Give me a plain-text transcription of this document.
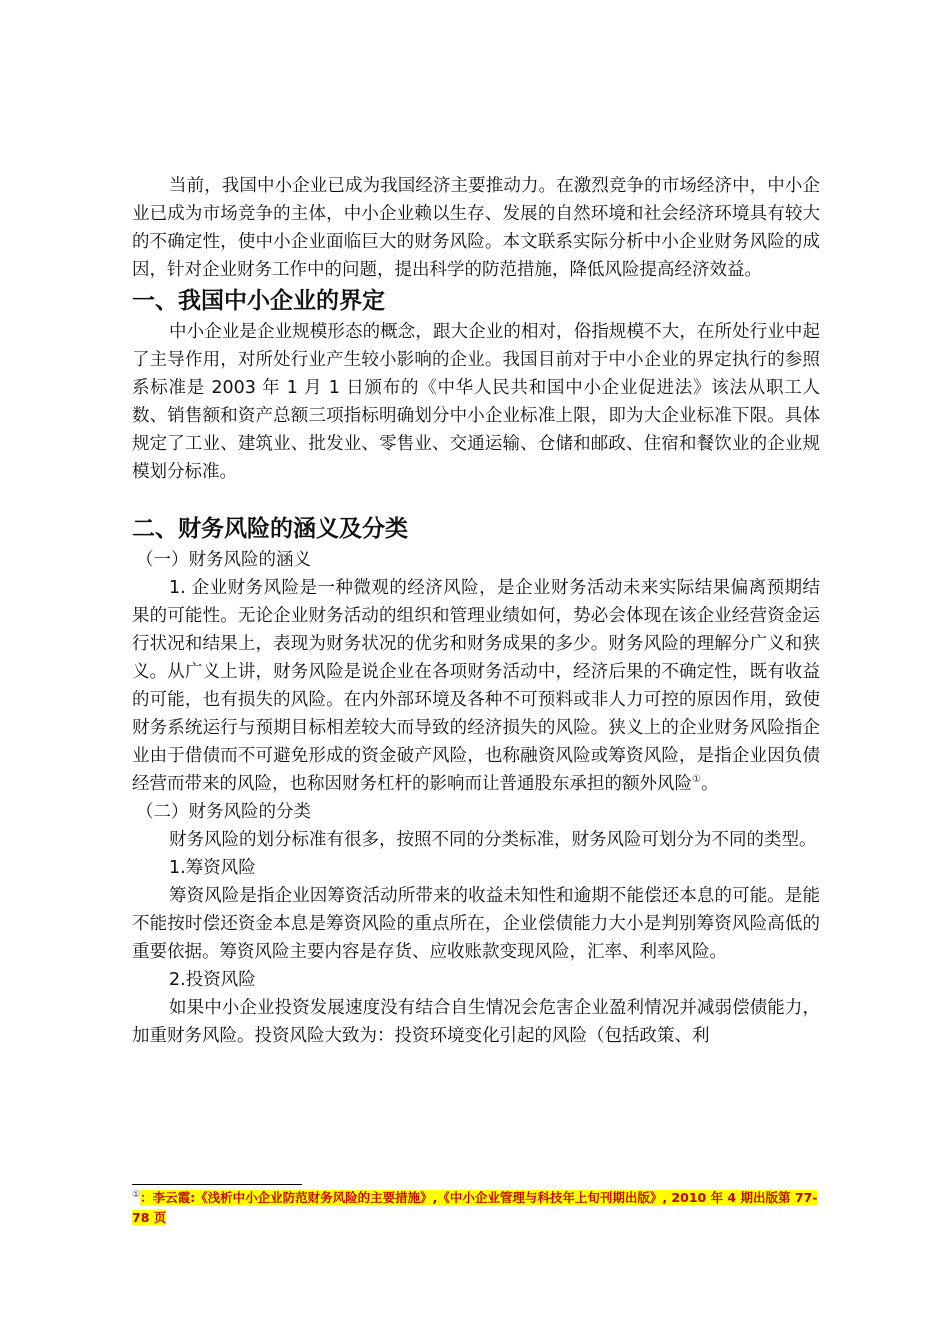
当前，我国中小企业已成为我国经济主要推动力。在激烈竞争的市场经济中，中小企业已成为市场竞争的主体，中小企业赖以生存、发展的自然环境和社会经济环境具有较大的不确定性，使中小企业面临巨大的财务风险。本文联系实际分析中小企业财务风险的成因，针对企业财务工作中的问题，提出科学的防范措施，降低风险提高经济效益。

一、我国中小企业的界定

中小企业是企业规模形态的概念，跟大企业的相对，俗指规模不大，在所处行业中起了主导作用，对所处行业产生较小影响的企业。我国目前对于中小企业的界定执行的参照系标准是 2003 年 1 月 1 日颁布的《中华人民共和国中小企业促进法》该法从职工人数、销售额和资产总额三项指标明确划分中小企业标准上限，即为大企业标准下限。具体规定了工业、建筑业、批发业、零售业、交通运输、仓储和邮政、住宿和餐饮业的企业规模划分标准。

二、财务风险的涵义及分类

（一）财务风险的涵义

1. 企业财务风险是一种微观的经济风险，是企业财务活动未来实际结果偏离预期结果的可能性。无论企业财务活动的组织和管理业绩如何，势必会体现在该企业经营资金运行状况和结果上，表现为财务状况的优劣和财务成果的多少。财务风险的理解分广义和狭义。从广义上讲，财务风险是说企业在各项财务活动中，经济后果的不确定性，既有收益的可能，也有损失的风险。在内外部环境及各种不可预料或非人力可控的原因作用，致使财务系统运行与预期目标相差较大而导致的经济损失的风险。狭义上的企业财务风险指企业由于借债而不可避免形成的资金破产风险，也称融资风险或筹资风险，是指企业因负债经营而带来的风险，也称因财务杠杆的影响而让普通股东承担的额外风险①。

（二）财务风险的分类

财务风险的划分标准有很多，按照不同的分类标准，财务风险可划分为不同的类型。

1.筹资风险

筹资风险是指企业因筹资活动所带来的收益未知性和逾期不能偿还本息的可能。是能不能按时偿还资金本息是筹资风险的重点所在，企业偿债能力大小是判别筹资风险高低的重要依据。筹资风险主要内容是存货、应收账款变现风险，汇率、利率风险。

2.投资风险

如果中小企业投资发展速度没有结合自生情况会危害企业盈利情况并减弱偿债能力，加重财务风险。投资风险大致为：投资环境变化引起的风险（包括政策、利

①：李云霞:《浅析中小企业防范财务风险的主要措施》,《中小企业管理与科技年上旬刊期出版》, 2010 年 4 期出版第 77-78 页
